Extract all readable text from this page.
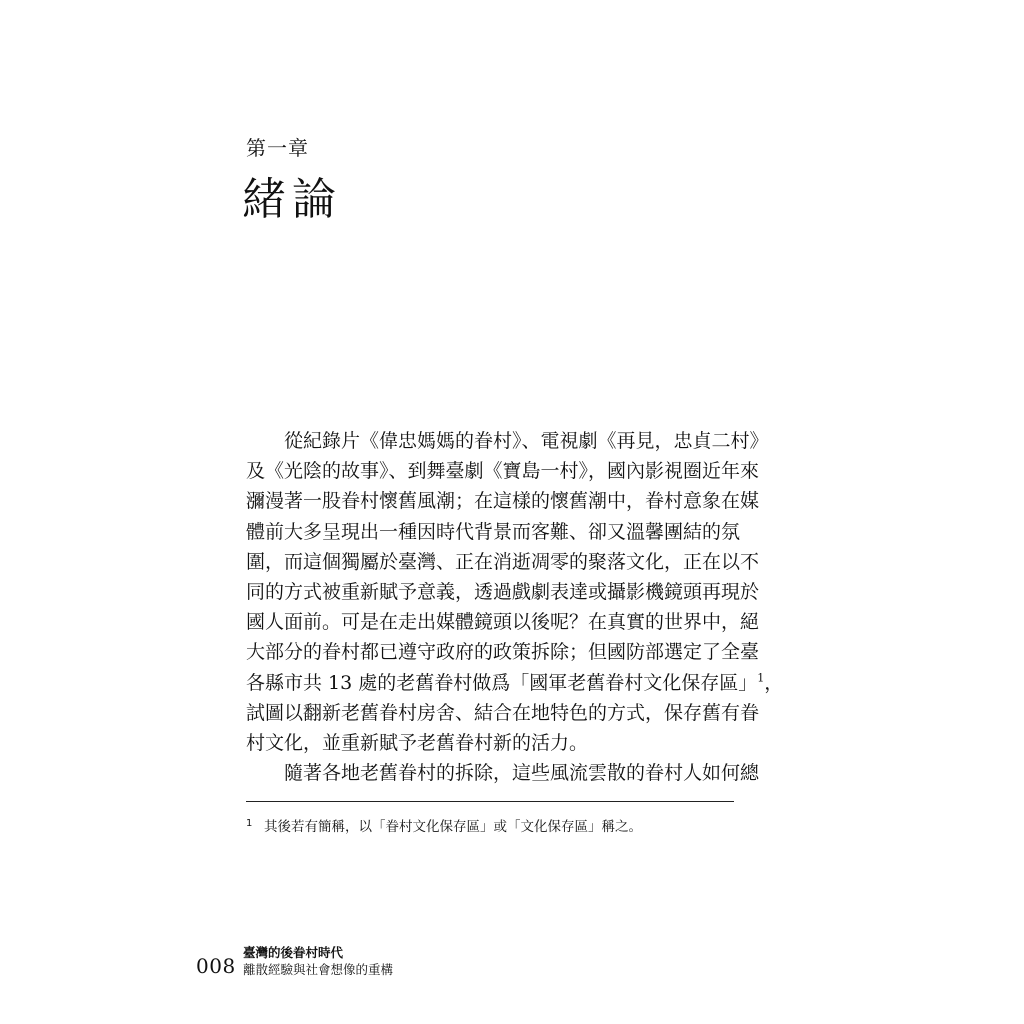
第一章
緒論
從紀錄片《偉忠媽媽的眷村》、電視劇《再見，忠貞二村》
及《光陰的故事》、到舞臺劇《寶島一村》，國內影視圈近年來
瀰漫著一股眷村懷舊風潮；在這樣的懷舊潮中，眷村意象在媒
體前大多呈現出一種因時代背景而客難、卻又溫馨團結的氛
圍，而這個獨屬於臺灣、正在消逝凋零的聚落文化，正在以不
同的方式被重新賦予意義，透過戲劇表達或攝影機鏡頭再現於
國人面前。可是在走出媒體鏡頭以後呢？在真實的世界中，絕
大部分的眷村都已遵守政府的政策拆除；但國防部選定了全臺
各縣市共 13 處的老舊眷村做爲「國軍老舊眷村文化保存區」$^1$，
試圖以翻新老舊眷村房舍、結合在地特色的方式，保存舊有眷
村文化，並重新賦予老舊眷村新的活力。
隨著各地老舊眷村的拆除，這些風流雲散的眷村人如何總
1 其後若有簡稱，以「眷村文化保存區」或「文化保存區」稱之。
008
臺灣的後眷村時代
離散經驗與社會想像的重構
